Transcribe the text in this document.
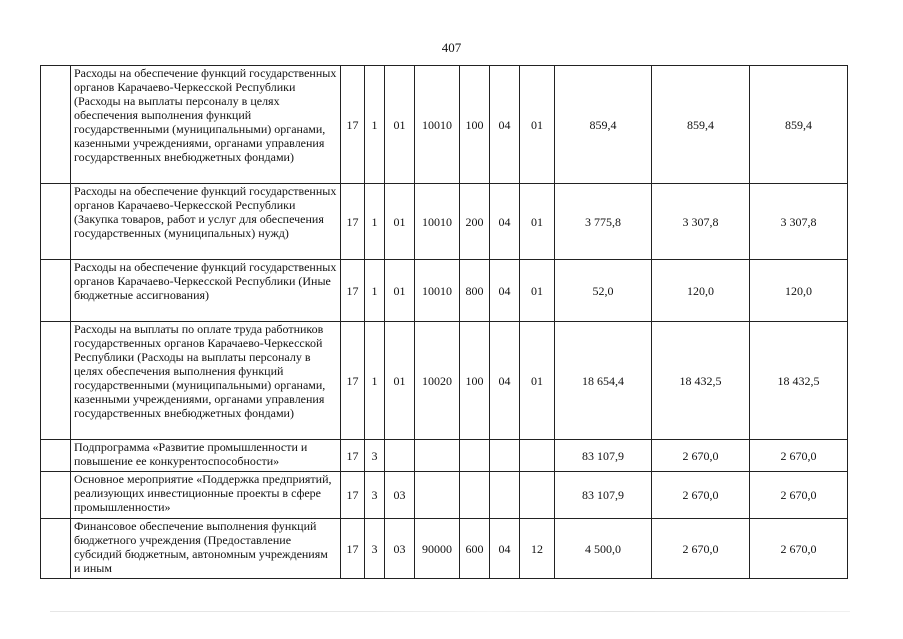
407
	Расходы на обеспечение функций государственных органов Карачаево-Черкесской Республики (Расходы на выплаты персоналу в целях обеспечения выполнения функций государственными (муниципальными) органами, казенными учреждениями, органами управления государственных внебюджетных фондами)	17	1	01	10010	100	04	01	859,4	859,4	859,4
	Расходы на обеспечение функций государственных органов Карачаево-Черкесской Республики (Закупка товаров, работ и услуг для обеспечения государственных (муниципальных) нужд)	17	1	01	10010	200	04	01	3 775,8	3 307,8	3 307,8
	Расходы на обеспечение функций государственных органов Карачаево-Черкесской Республики (Иные бюджетные ассигнования)	17	1	01	10010	800	04	01	52,0	120,0	120,0
	Расходы на выплаты по оплате труда работников государственных органов Карачаево-Черкесской Республики (Расходы на выплаты персоналу в целях обеспечения выполнения функций государственными (муниципальными) органами, казенными учреждениями, органами управления государственных внебюджетных фондами)	17	1	01	10020	100	04	01	18 654,4	18 432,5	18 432,5
	Подпрограмма «Развитие промышленности и повышение ее конкурентоспособности»	17	3						83 107,9	2 670,0	2 670,0
	Основное мероприятие «Поддержка предприятий, реализующих инвестиционные проекты в сфере промышленности»	17	3	03					83 107,9	2 670,0	2 670,0
	Финансовое обеспечение выполнения функций бюджетного учреждения (Предоставление субсидий бюджетным, автономным учреждениям и иным	17	3	03	90000	600	04	12	4 500,0	2 670,0	2 670,0
